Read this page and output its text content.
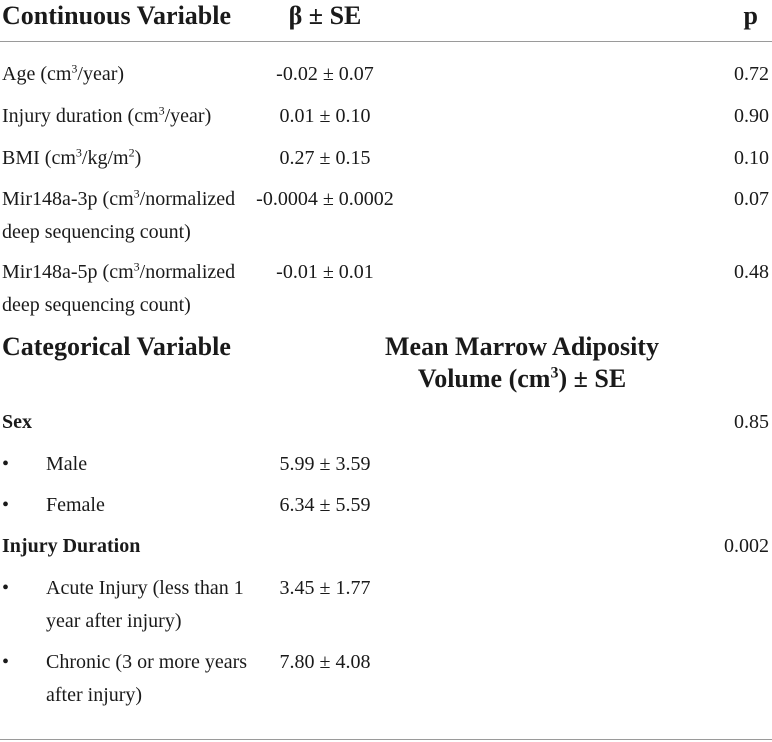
Continuous Variable	β ± SE	p
Age $(cm^3/year)$	-0.02 ± 0.07	0.72
Injury duration $(cm^3/year)$	0.01 ± 0.10	0.90
BMI $(cm^3/kg/m^2)$	0.27 ± 0.15	0.10
Mir148a-3p ($cm^3$/normalized
deep sequencing count)
-0.0004 ± 0.0002	0.07
Mir148a-5p ($cm^3$/normalized
deep sequencing count)
-0.01 ± 0.01	0.48
Categorical Variable	Mean Marrow Adiposity
Volume $(cm^3)$ ± SE
Sex	0.85
• Male	5.99 ± 3.59
• Female	6.34 ± 5.59
Injury Duration	0.002
• Acute Injury (less than 1
year after injury)
3.45 ± 1.77
• Chronic (3 or more years
after injury)
7.80 ± 4.08
